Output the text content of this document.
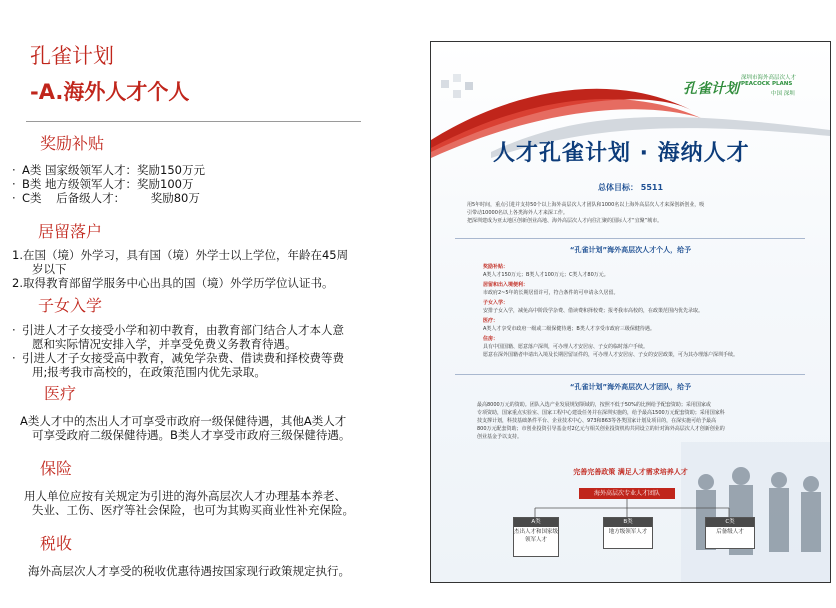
孔雀计划
-A.海外人才个人
奖励补贴
· A类 国家级领军人才：奖励150万元
· B类 地方级领军人才：奖励100万
· C类    后备级人才：       奖励80万
居留落户
1.在国（境）外学习，具有国（境）外学士以上学位，年龄在45周
岁以下
2.取得教育部留学服务中心出具的国（境）外学历学位认证书。
子女入学
· 引进人才子女接受小学和初中教育，由教育部门结合人才本人意
愿和实际情况安排入学，并享受免费义务教育待遇。
· 引进人才子女接受高中教育，减免学杂费、借读费和择校费等费
用;报考我市高校的，在政策范围内优先录取。
医疗
A类人才中的杰出人才可享受市政府一级保健待遇，其他A类人才
可享受政府二级保健待遇。B类人才享受市政府三级保健待遇。
保险
用人单位应按有关规定为引进的海外高层次人才办理基本养老、
失业、工伤、医疗等社会保险，也可为其购买商业性补充保险。
税收
海外高层次人才享受的税收优惠待遇按国家现行政策规定执行。
孔雀计划
深圳市海外高层次人才
PEACOCK PLANS
中国 深圳
人才孔雀计划 · 海纳人才
总体目标： 5511
用5年时间，重点引进并支持50个以上海外高层次人才团队和1000名以上海外高层次人才来深创新创业，吸
引带动10000名以上各类海外人才来深工作。
把深圳建成为亚太地区创新创业高地、海外高层次人才向往汇聚的国际人才“宜聚”城市。
“孔雀计划”海外高层次人才个人，给予
奖励补贴：
A类人才150万元；B类人才100万元；C类人才80万元。
居留和出入境便利：
市政府2~5年的长期居留许可，符合条件的可申请永久居留。
子女入学：
安排子女入学，减免高中阶段学杂费、借读费和择校费；报考我市高校的，在政策范围内优先录取。
医疗：
A类人才享受市政府一级或二级保健待遇；B类人才享受市政府三级保健待遇。
住房：
具有中国国籍、愿意落户深圳，可办理人才安居房、子女的临时落户手续。
愿意在深外国籍者申请出入境及长期居留证件的，可办理人才安居房、子女的安居政策，可为其办理落户深圳手续。
“孔雀计划”海外高层次人才团队，给予
最高8000万元的资助。团队入选产业发展规划领域的，按照不低于50%的比例给予配套资助；采用国家或
专项资助，国家重点实验室、国家工程中心建设任务并在深圳实施的，给予最高1500万元配套资助；采用国家科
技支撑计划，科技基础条件平台、企业技术中心、973和863等各类国家计划及项目的，在深实施可给予最高
800万元配套资助；市创业投资引导基金对2亿元与相关创业投资机构共同设立的针对海外高层次人才创新创业的
创业基金予以支持。
完善完善政策 满足人才需求培养人才
海外高层次专业人才团队
A类
杰出人才和国家级领军人才
B类
地方级领军人才
C类
后备级人才
